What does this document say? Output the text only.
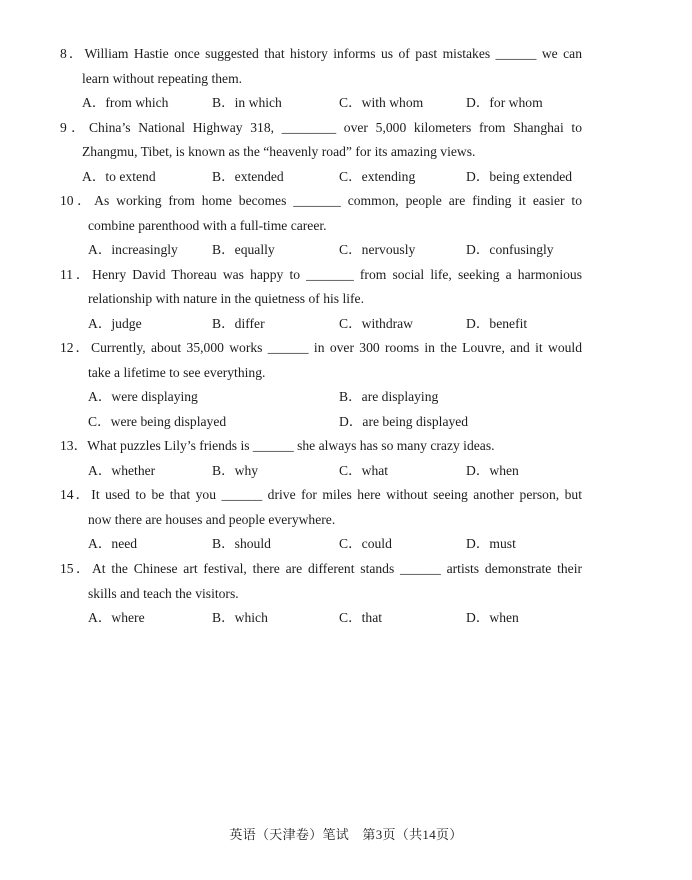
8．William Hastie once suggested that history informs us of past mistakes ______ we can
learn without repeating them.
A．from which	B．in which	C．with whom	D．for whom
9．China’s National Highway 318, ________ over 5,000 kilometers from Shanghai to
Zhangmu, Tibet, is known as the “heavenly road” for its amazing views.
A．to extend	B．extended	C．extending	D．being extended
10．As working from home becomes _______ common, people are finding it easier to
combine parenthood with a full-time career.
A．increasingly	B．equally	C．nervously	D．confusingly
11．Henry David Thoreau was happy to _______ from social life, seeking a harmonious
relationship with nature in the quietness of his life.
A．judge	B．differ	C．withdraw	D．benefit
12．Currently, about 35,000 works ______ in over 300 rooms in the Louvre, and it would
take a lifetime to see everything.
A．were displaying	B．are displaying
C．were being displayed	D．are being displayed
13．What puzzles Lily’s friends is ______ she always has so many crazy ideas.
A．whether	B．why	C．what	D．when
14．It used to be that you ______ drive for miles here without seeing another person, but
now there are houses and people everywhere.
A．need	B．should	C．could	D．must
15．At the Chinese art festival, there are different stands ______ artists demonstrate their
skills and teach the visitors.
A．where	B．which	C．that	D．when
英语（天津卷）笔试　第3页（共14页）
